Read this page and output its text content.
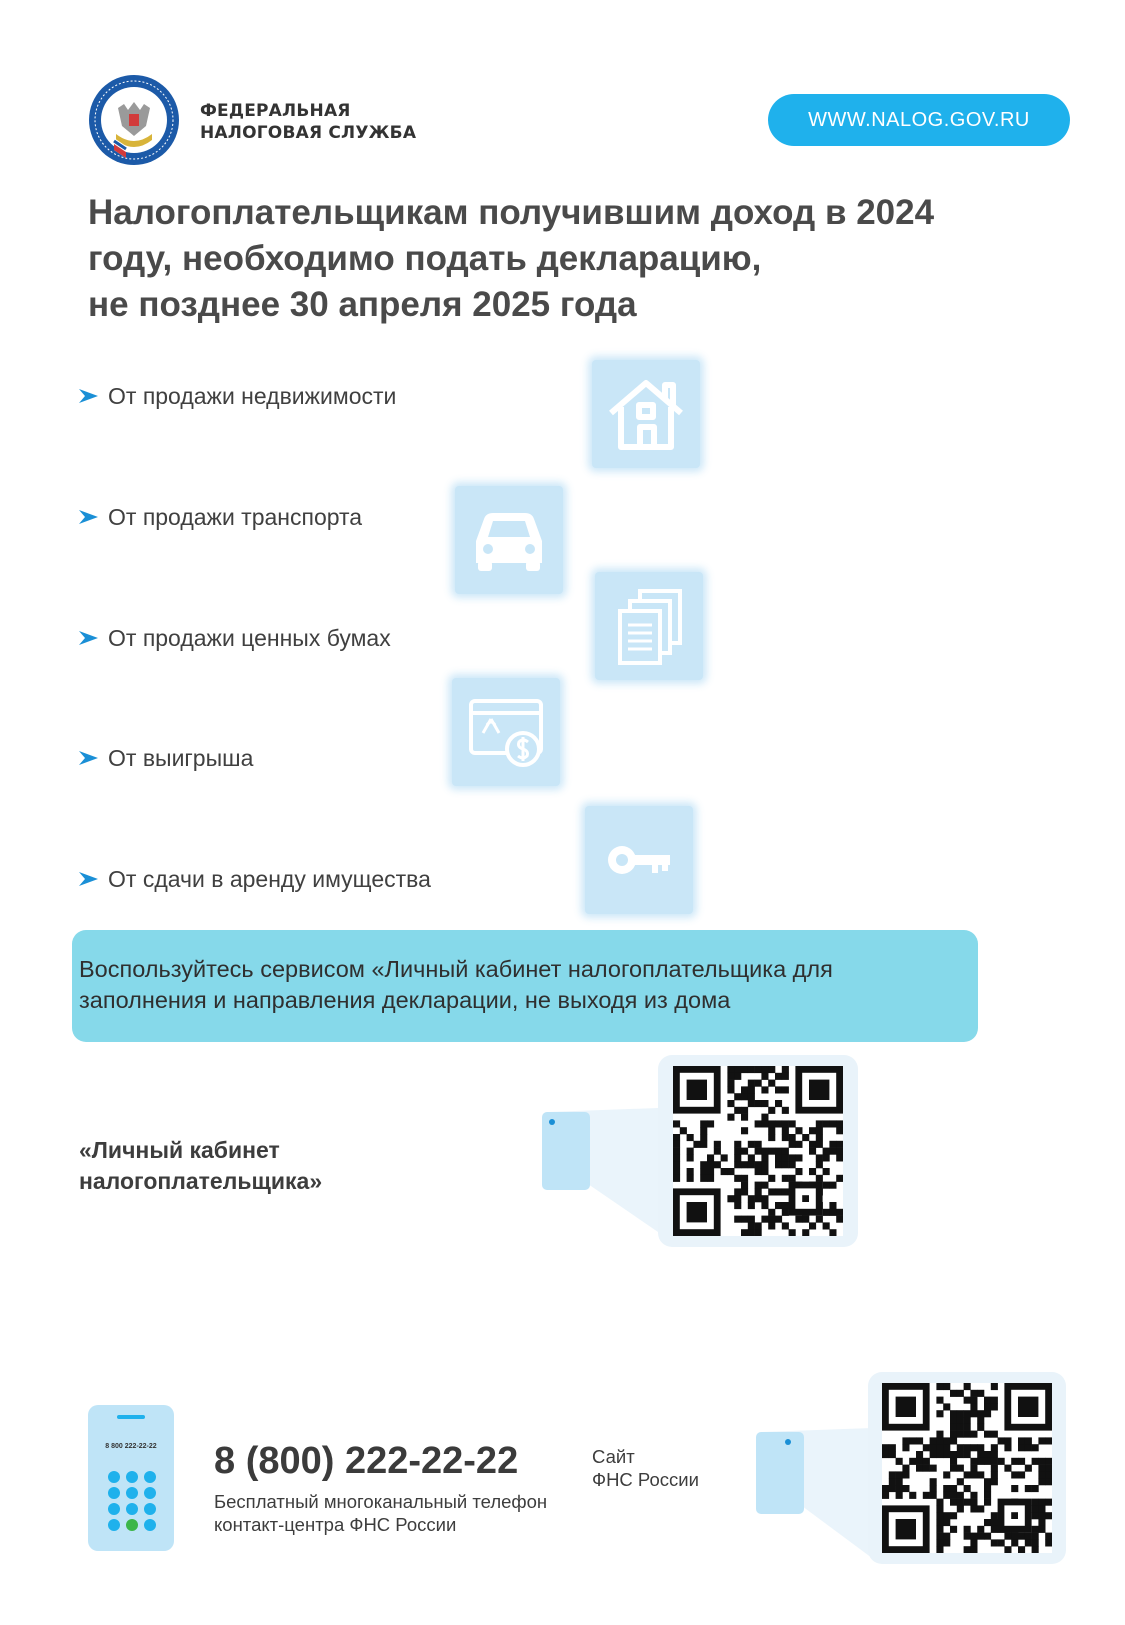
ФЕДЕРАЛЬНАЯ
НАЛОГОВАЯ СЛУЖБА
WWW.NALOG.GOV.RU
Налогоплательщикам получившим доход в 2024
году, необходимо подать декларацию,
не позднее 30 апреля 2025 года
От продажи недвижимости
От продажи транспорта
От продажи ценных бумах
От выигрыша
От сдачи в аренду имущества
Воспользуйтесь сервисом «Личный кабинет налогоплательщика для заполнения и направления декларации, не выходя из дома
«Личный кабинет
налогоплательщика»
8 800 222-22-22	8 (800) 222-22-22
Бесплатный многоканальный телефон
контакт-центра ФНС России
Сайт
ФНС России
